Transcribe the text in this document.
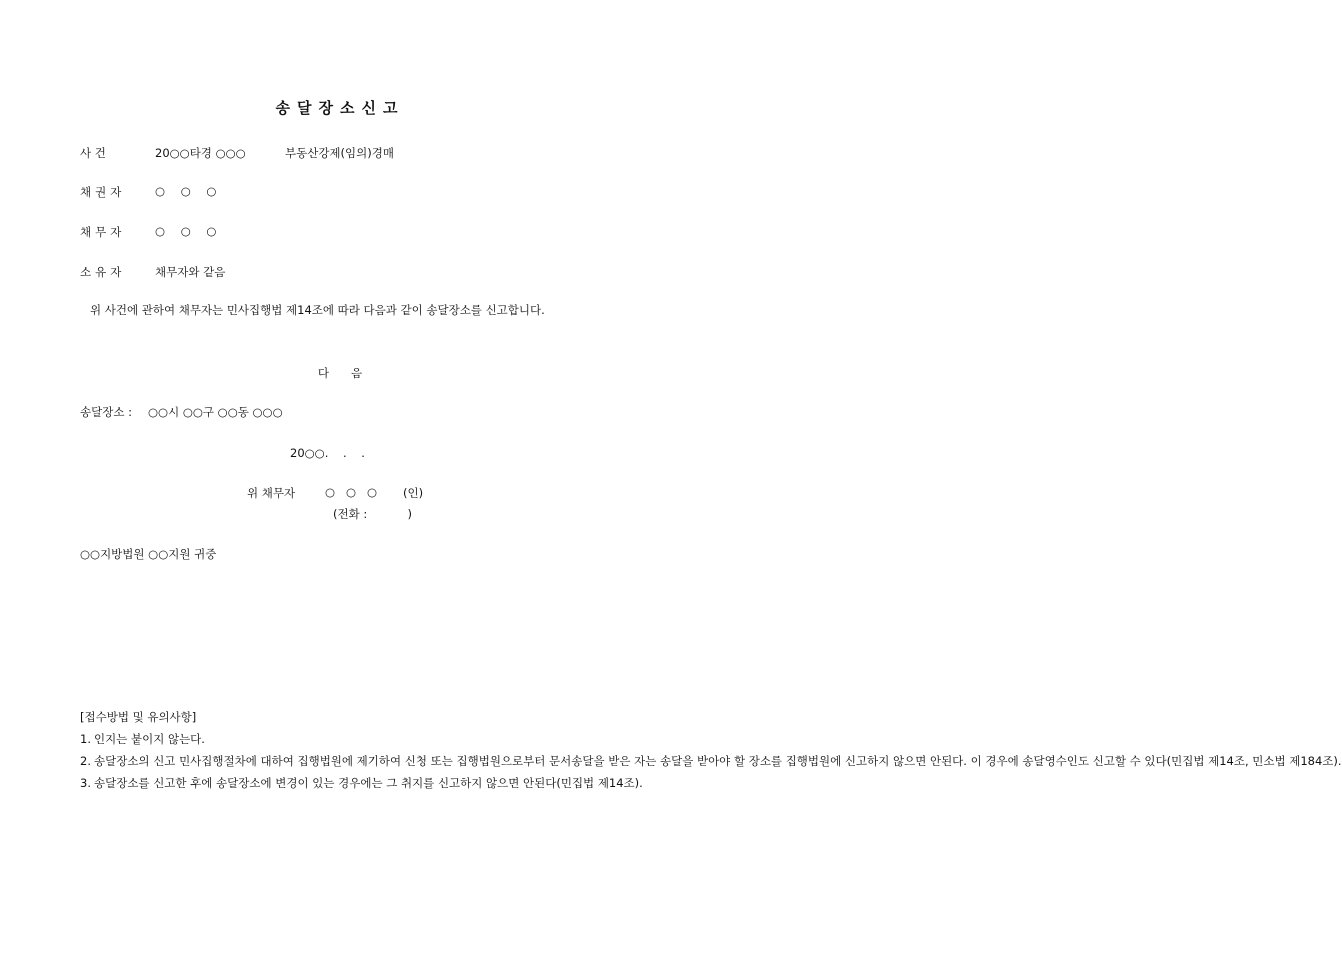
송달장소신고
사 건	20○○타경 ○○○	부동산강제(임의)경매
채권자	○ ○ ○
채무자	○ ○ ○
소유자	채무자와 같음
위 사건에 관하여 채무자는 민사집행법 제14조에 따라 다음과 같이 송달장소를 신고합니다.
다      음
송달장소 : ○○시 ○○구 ○○동 ○○○
20○○.    .    .
위 채무자	○   ○   ○ (인)
(전화 :           )
○○지방법원 ○○지원 귀중
[접수방법 및 유의사항]
1. 인지는 붙이지 않는다.
2. 송달장소의 신고 민사집행절차에 대하여 집행법원에 제기하여 신청 또는 집행법원으로부터 문서송달을 받은 자는 송달을 받아야 할 장소를 집행법원에 신고하지 않으면 안된다. 이 경우에 송달영수인도 신고할 수 있다(민집법 제14조, 민소법 제184조).
3. 송달장소를 신고한 후에 송달장소에 변경이 있는 경우에는 그 취지를 신고하지 않으면 안된다(민집법 제14조).
